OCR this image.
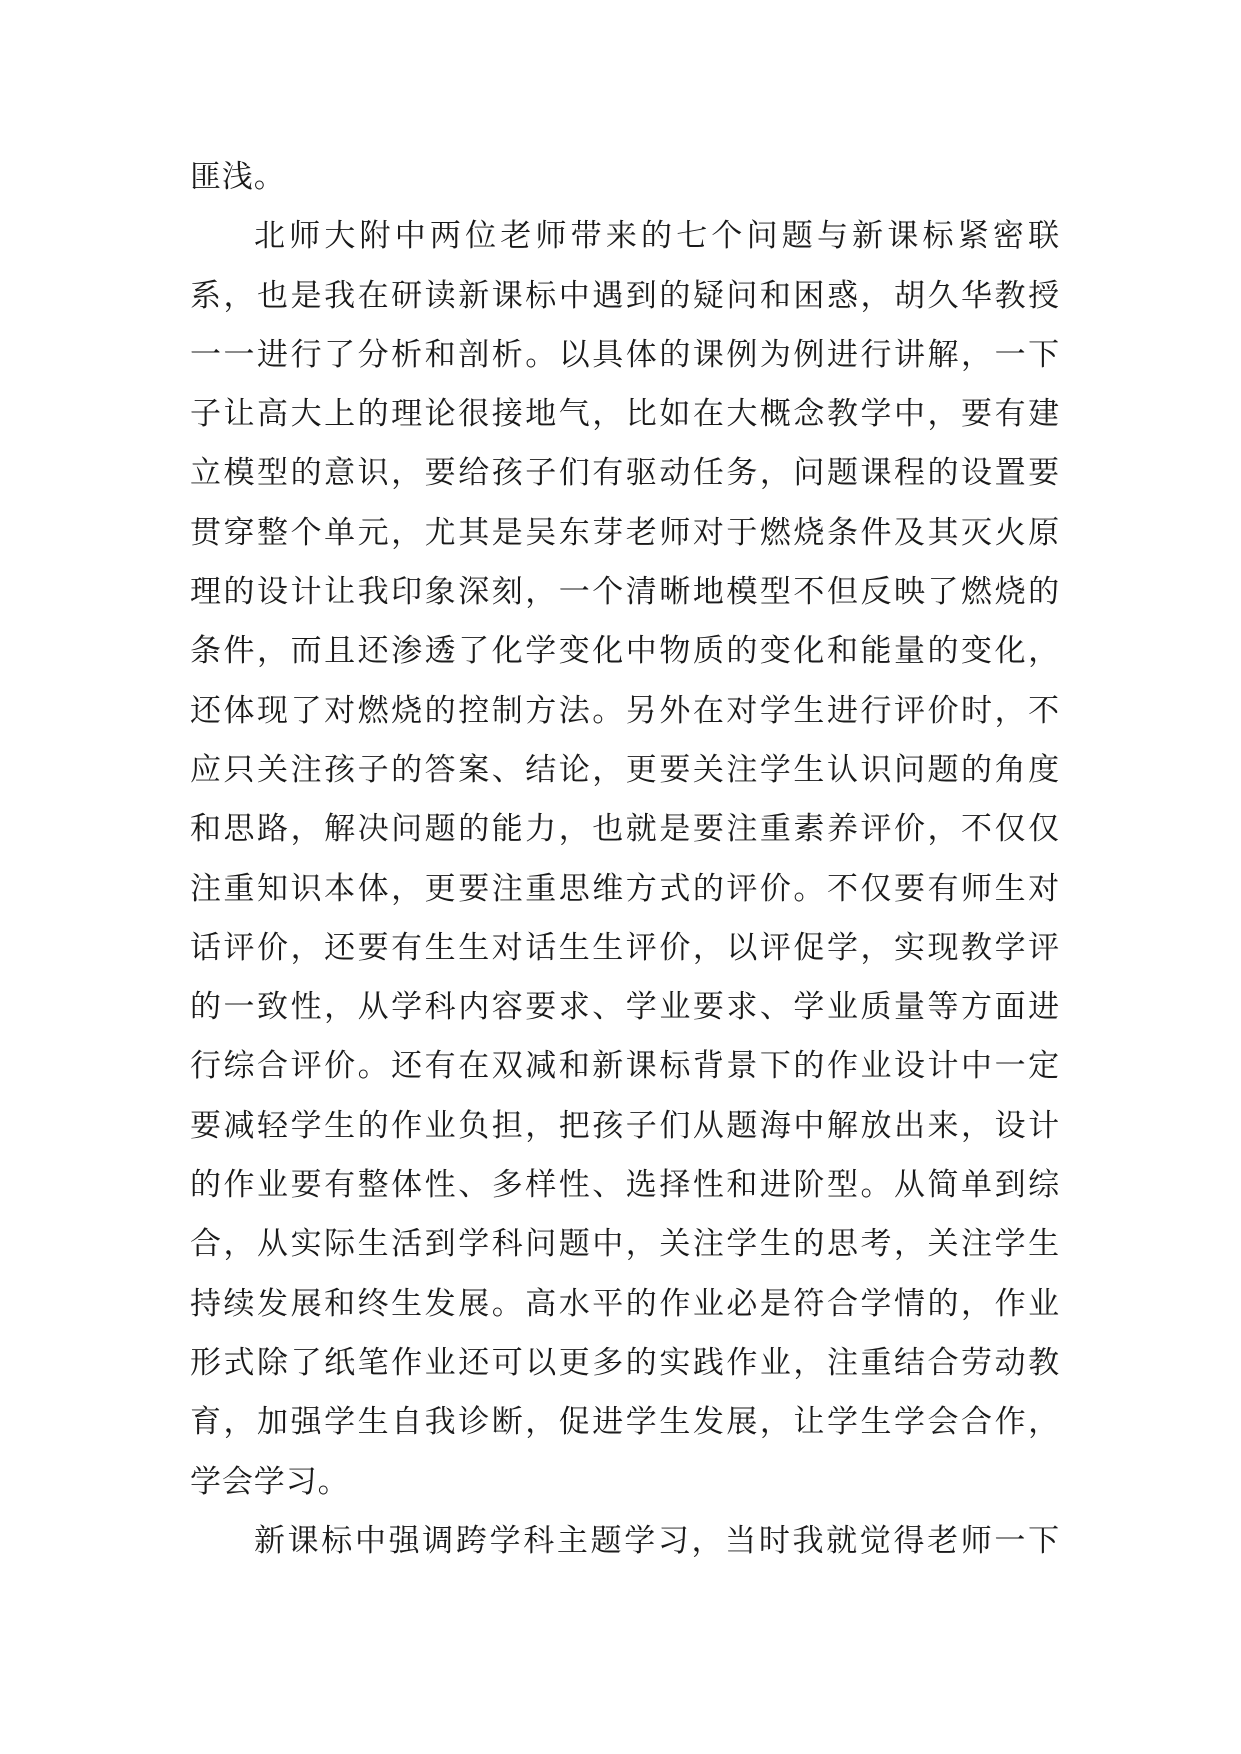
匪浅。
北师大附中两位老师带来的七个问题与新课标紧密联
系，也是我在研读新课标中遇到的疑问和困惑，胡久华教授
一一进行了分析和剖析。以具体的课例为例进行讲解，一下
子让高大上的理论很接地气，比如在大概念教学中，要有建
立模型的意识，要给孩子们有驱动任务，问题课程的设置要
贯穿整个单元，尤其是吴东芽老师对于燃烧条件及其灭火原
理的设计让我印象深刻，一个清晰地模型不但反映了燃烧的
条件，而且还渗透了化学变化中物质的变化和能量的变化，
还体现了对燃烧的控制方法。另外在对学生进行评价时，不
应只关注孩子的答案、结论，更要关注学生认识问题的角度
和思路，解决问题的能力，也就是要注重素养评价，不仅仅
注重知识本体，更要注重思维方式的评价。不仅要有师生对
话评价，还要有生生对话生生评价，以评促学，实现教学评
的一致性，从学科内容要求、学业要求、学业质量等方面进
行综合评价。还有在双减和新课标背景下的作业设计中一定
要减轻学生的作业负担，把孩子们从题海中解放出来，设计
的作业要有整体性、多样性、选择性和进阶型。从简单到综
合，从实际生活到学科问题中，关注学生的思考，关注学生
持续发展和终生发展。高水平的作业必是符合学情的，作业
形式除了纸笔作业还可以更多的实践作业，注重结合劳动教
育，加强学生自我诊断，促进学生发展，让学生学会合作，
学会学习。
新课标中强调跨学科主题学习，当时我就觉得老师一下
